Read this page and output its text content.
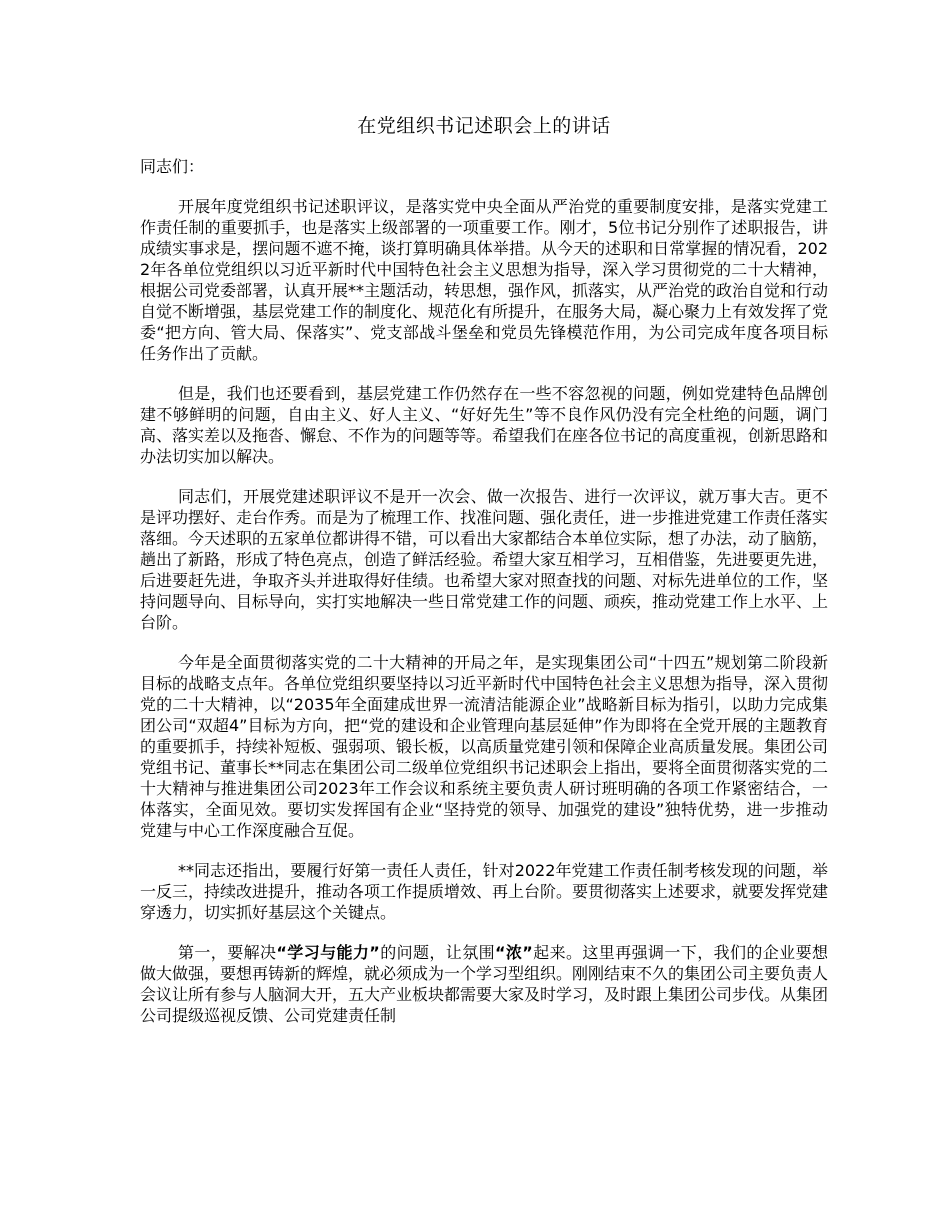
在党组织书记述职会上的讲话
同志们：

开展年度党组织书记述职评议，是落实党中央全面从严治党的重要制度安排，是落实党建工作责任制的重要抓手，也是落实上级部署的一项重要工作。刚才，5位书记分别作了述职报告，讲成绩实事求是，摆问题不遮不掩，谈打算明确具体举措。从今天的述职和日常掌握的情况看，2022年各单位党组织以习近平新时代中国特色社会主义思想为指导，深入学习贯彻党的二十大精神，根据公司党委部署，认真开展**主题活动，转思想，强作风，抓落实，从严治党的政治自觉和行动自觉不断增强，基层党建工作的制度化、规范化有所提升，在服务大局，凝心聚力上有效发挥了党委“把方向、管大局、保落实”、党支部战斗堡垒和党员先锋模范作用，为公司完成年度各项目标任务作出了贡献。

但是，我们也还要看到，基层党建工作仍然存在一些不容忽视的问题，例如党建特色品牌创建不够鲜明的问题，自由主义、好人主义、“好好先生”等不良作风仍没有完全杜绝的问题，调门高、落实差以及拖沓、懈怠、不作为的问题等等。希望我们在座各位书记的高度重视，创新思路和办法切实加以解决。

同志们，开展党建述职评议不是开一次会、做一次报告、进行一次评议，就万事大吉。更不是评功摆好、走台作秀。而是为了梳理工作、找准问题、强化责任，进一步推进党建工作责任落实落细。今天述职的五家单位都讲得不错，可以看出大家都结合本单位实际，想了办法，动了脑筋，趟出了新路，形成了特色亮点，创造了鲜活经验。希望大家互相学习，互相借鉴，先进要更先进，后进要赶先进，争取齐头并进取得好佳绩。也希望大家对照查找的问题、对标先进单位的工作，坚持问题导向、目标导向，实打实地解决一些日常党建工作的问题、顽疾，推动党建工作上水平、上台阶。

今年是全面贯彻落实党的二十大精神的开局之年，是实现集团公司“十四五”规划第二阶段新目标的战略支点年。各单位党组织要坚持以习近平新时代中国特色社会主义思想为指导，深入贯彻党的二十大精神，以“2035年全面建成世界一流清洁能源企业”战略新目标为指引，以助力完成集团公司“双超4”目标为方向，把“党的建设和企业管理向基层延伸”作为即将在全党开展的主题教育的重要抓手，持续补短板、强弱项、锻长板，以高质量党建引领和保障企业高质量发展。集团公司党组书记、董事长**同志在集团公司二级单位党组织书记述职会上指出，要将全面贯彻落实党的二十大精神与推进集团公司2023年工作会议和系统主要负责人研讨班明确的各项工作紧密结合，一体落实，全面见效。要切实发挥国有企业“坚持党的领导、加强党的建设”独特优势，进一步推动党建与中心工作深度融合互促。

**同志还指出，要履行好第一责任人责任，针对2022年党建工作责任制考核发现的问题，举一反三，持续改进提升，推动各项工作提质增效、再上台阶。要贯彻落实上述要求，就要发挥党建穿透力，切实抓好基层这个关键点。

第一，要解决“学习与能力”的问题，让氛围“浓”起来。这里再强调一下，我们的企业要想做大做强，要想再铸新的辉煌，就必须成为一个学习型组织。刚刚结束不久的集团公司主要负责人会议让所有参与人脑洞大开，五大产业板块都需要大家及时学习，及时跟上集团公司步伐。从集团公司提级巡视反馈、公司党建责任制
